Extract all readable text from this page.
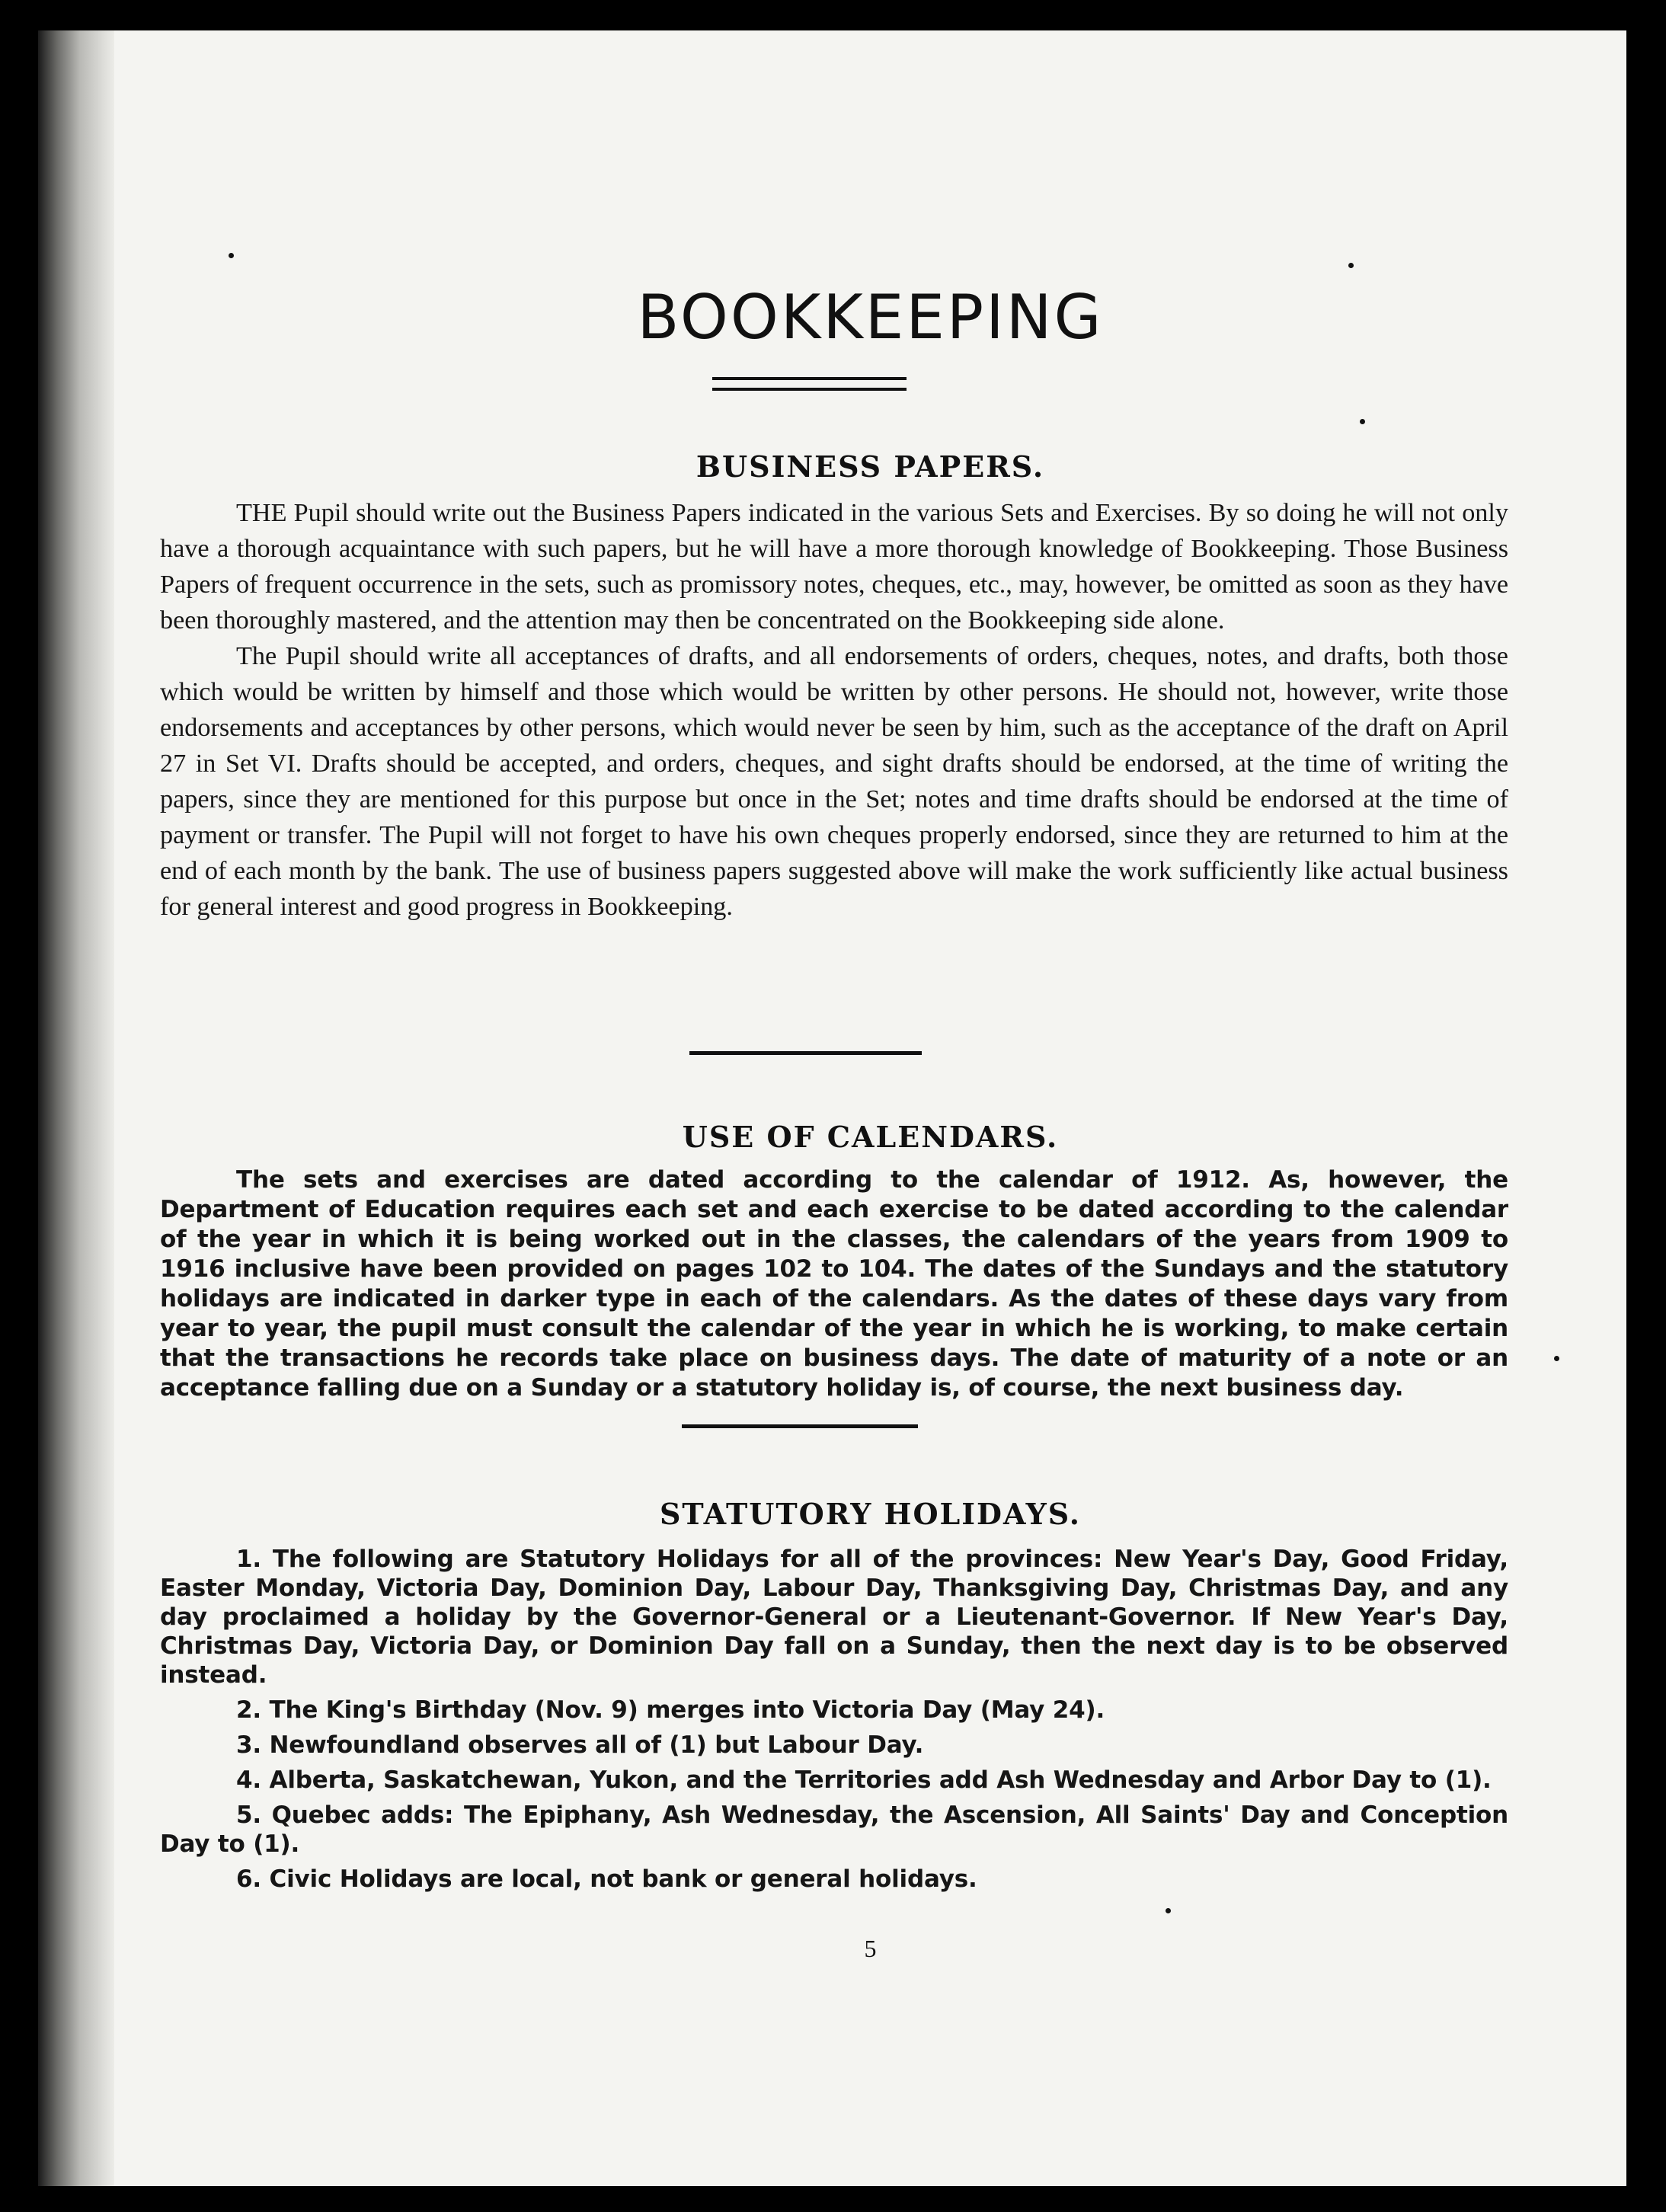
BOOKKEEPING
BUSINESS PAPERS.

THE Pupil should write out the Business Papers indicated in the various Sets and Exercises. By so doing he will not only have a thorough acquaintance with such papers, but he will have a more thorough knowledge of Bookkeeping. Those Business Papers of frequent occurrence in the sets, such as promissory notes, cheques, etc., may, however, be omitted as soon as they have been thoroughly mastered, and the attention may then be concentrated on the Bookkeeping side alone.

The Pupil should write all acceptances of drafts, and all endorsements of orders, cheques, notes, and drafts, both those which would be written by himself and those which would be written by other persons. He should not, however, write those endorsements and acceptances by other persons, which would never be seen by him, such as the acceptance of the draft on April 27 in Set VI. Drafts should be accepted, and orders, cheques, and sight drafts should be endorsed, at the time of writing the papers, since they are mentioned for this purpose but once in the Set; notes and time drafts should be endorsed at the time of payment or transfer. The Pupil will not forget to have his own cheques properly endorsed, since they are returned to him at the end of each month by the bank. The use of business papers suggested above will make the work sufficiently like actual business for general interest and good progress in Bookkeeping.

USE OF CALENDARS.

The sets and exercises are dated according to the calendar of 1912. As, however, the Department of Education requires each set and each exercise to be dated according to the calendar of the year in which it is being worked out in the classes, the calendars of the years from 1909 to 1916 inclusive have been provided on pages 102 to 104. The dates of the Sundays and the statutory holidays are indicated in darker type in each of the calendars. As the dates of these days vary from year to year, the pupil must consult the calendar of the year in which he is working, to make certain that the transactions he records take place on business days. The date of maturity of a note or an acceptance falling due on a Sunday or a statutory holiday is, of course, the next business day.

STATUTORY HOLIDAYS.

1. The following are Statutory Holidays for all of the provinces: New Year's Day, Good Friday, Easter Monday, Victoria Day, Dominion Day, Labour Day, Thanksgiving Day, Christmas Day, and any day proclaimed a holiday by the Governor-General or a Lieutenant-Governor. If New Year's Day, Christmas Day, Victoria Day, or Dominion Day fall on a Sunday, then the next day is to be observed instead.

2. The King's Birthday (Nov. 9) merges into Victoria Day (May 24).

3. Newfoundland observes all of (1) but Labour Day.

4. Alberta, Saskatchewan, Yukon, and the Territories add Ash Wednesday and Arbor Day to (1).

5. Quebec adds: The Epiphany, Ash Wednesday, the Ascension, All Saints' Day and Conception Day to (1).

6. Civic Holidays are local, not bank or general holidays.

5
